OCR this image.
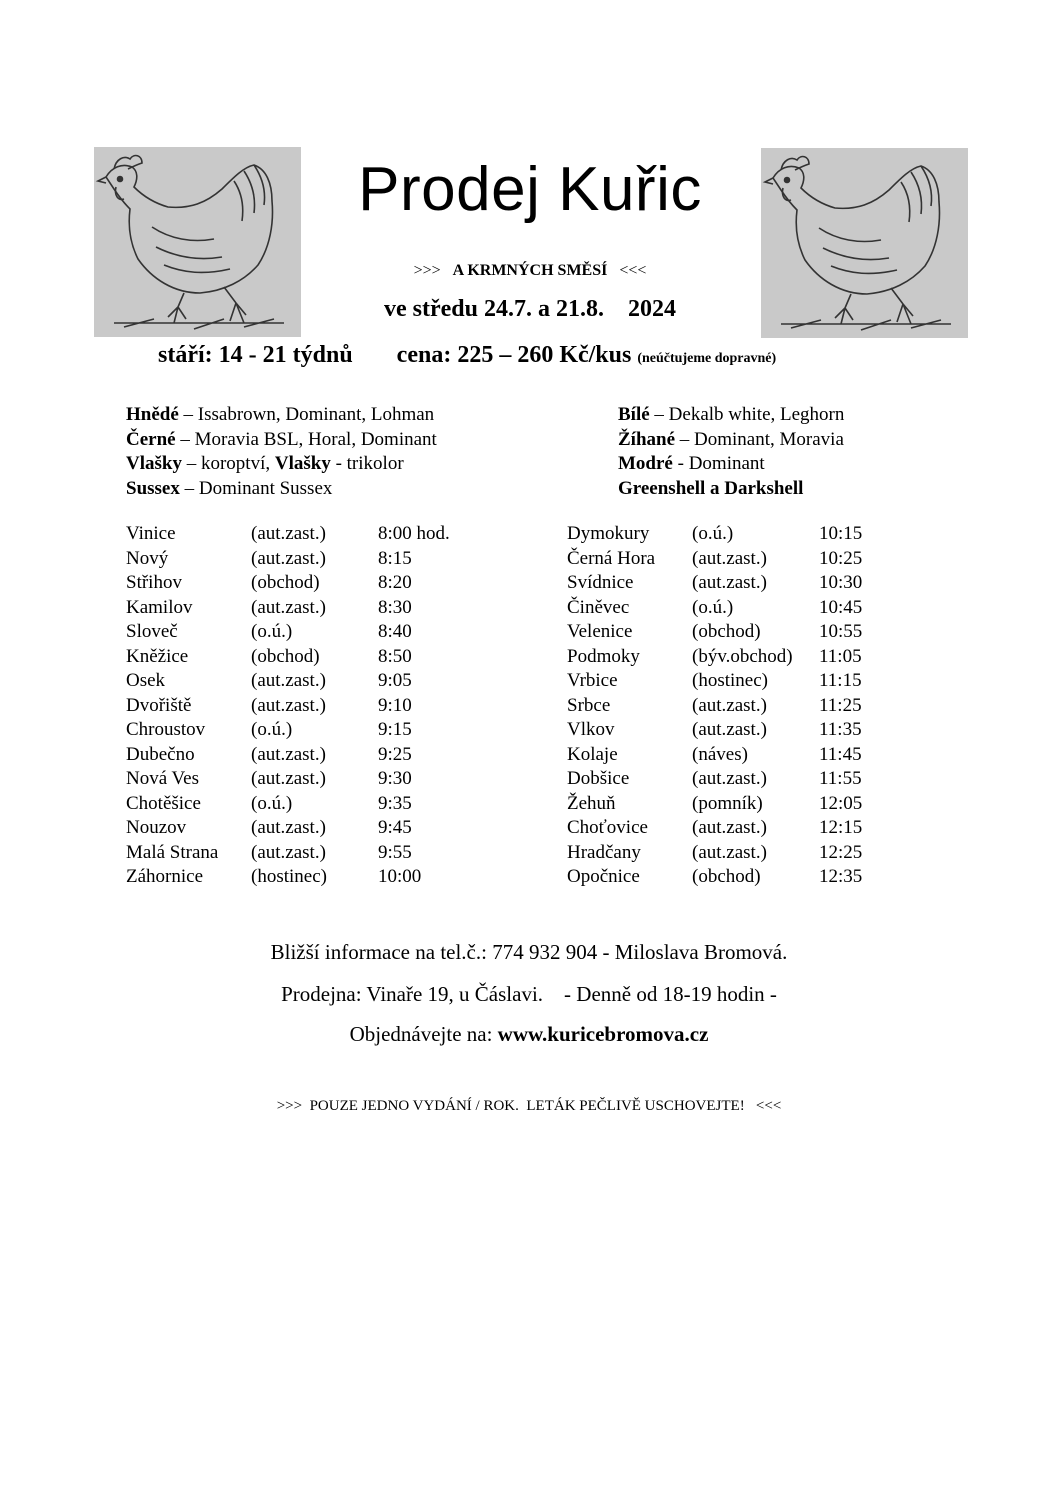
Prodej Kuřic
>>> A KRMNÝCH SMĚSÍ <<<
ve středu 24.7. a 21.8.    2024
stáří: 14 - 21 týdnů cena: 225 – 260 Kč/kus (neúčtujeme dopravné)
Hnědé – Issabrown, Dominant, Lohman
Černé – Moravia BSL, Horal, Dominant
Vlašky – koroptví, Vlašky - trikolor
Sussex – Dominant Sussex
Bílé – Dekalb white, Leghorn
Žíhané – Dominant, Moravia
Modré - Dominant
Greenshell a Darkshell
Vinice	(aut.zast.)	8:00 hod.
Nový	(aut.zast.)	8:15
Střihov	(obchod)	8:20
Kamilov	(aut.zast.)	8:30
Sloveč	(o.ú.)	8:40
Kněžice	(obchod)	8:50
Osek	(aut.zast.)	9:05
Dvořiště	(aut.zast.)	9:10
Chroustov (o.ú.)	9:15
Dubečno	(aut.zast.)	9:25
Nová Ves	(aut.zast.)	9:30
Chotěšice	(o.ú.)	9:35
Nouzov	(aut.zast.)	9:45
Malá Strana (aut.zast.)	9:55
Záhornice	(hostinec)	10:00
Dymokury (o.ú.)	10:15
Černá Hora (aut.zast.)	10:25
Svídnice	(aut.zast.)	10:30
Činěvec	(o.ú.)	10:45
Velenice	(obchod)	10:55
Podmoky	(býv.obchod) 11:05
Vrbice	(hostinec)	11:15
Srbce	(aut.zast.)	11:25
Vlkov	(aut.zast.)	11:35
Kolaje	(náves)	11:45
Dobšice	(aut.zast.)	11:55
Žehuň	(pomník)	12:05
Choťovice (aut.zast.)	12:15
Hradčany	(aut.zast.)	12:25
Opočnice	(obchod)	12:35
Bližší informace na tel.č.: 774 932 904 - Miloslava Bromová.
Prodejna: Vinaře 19, u Čáslavi.    - Denně od 18-19 hodin -
Objednávejte na: www.kuricebromova.cz
>>>  POUZE JEDNO VYDÁNÍ / ROK.  LETÁK PEČLIVĚ USCHOVEJTE!   <<<
